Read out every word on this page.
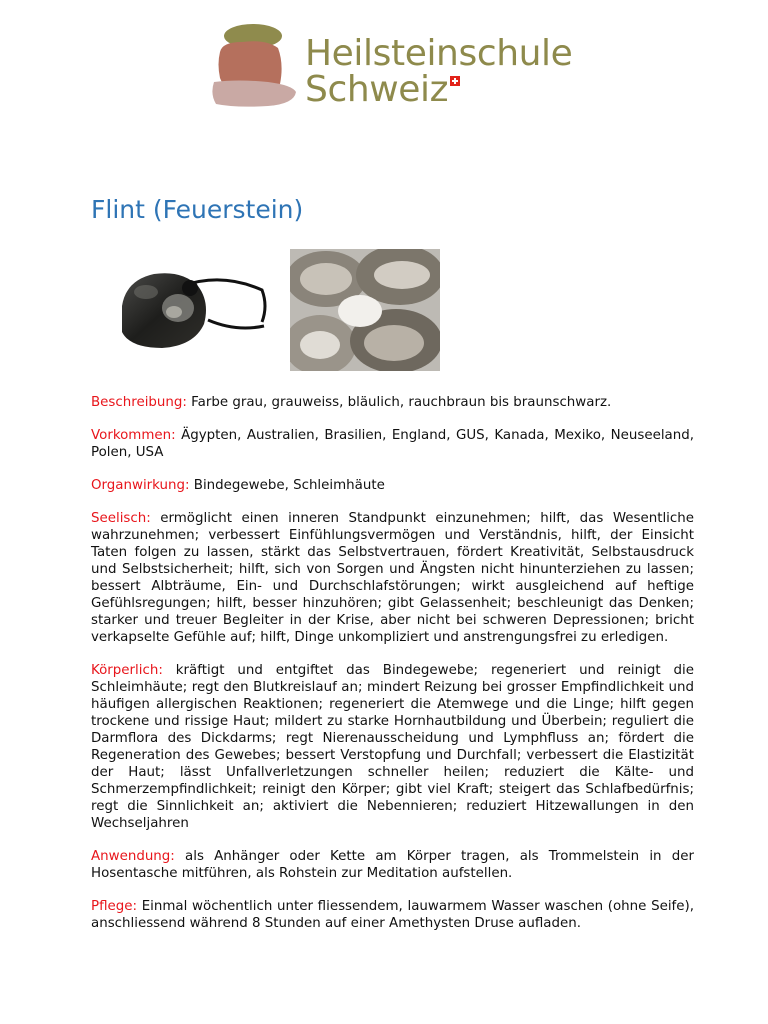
Heilsteinschule
Schweiz
Flint (Feuerstein)

Beschreibung: Farbe grau, grauweiss, bläulich, rauchbraun bis braunschwarz.

Vorkommen: Ägypten, Australien, Brasilien, England, GUS, Kanada, Mexiko, Neuseeland, Polen, USA

Organwirkung: Bindegewebe, Schleimhäute

Seelisch: ermöglicht einen inneren Standpunkt einzunehmen; hilft, das Wesentliche wahrzunehmen; verbessert Einfühlungsvermögen und Verständnis, hilft, der Einsicht Taten folgen zu lassen, stärkt das Selbstvertrauen, fördert Kreativität, Selbstausdruck und Selbstsicherheit; hilft, sich von Sorgen und Ängsten nicht hinunterziehen zu lassen; bessert Albträume, Ein- und Durchschlafstörungen; wirkt ausgleichend auf heftige Gefühlsregungen; hilft, besser hinzuhören; gibt Gelassenheit; beschleunigt das Denken; starker und treuer Begleiter in der Krise, aber nicht bei schweren Depressionen; bricht verkapselte Gefühle auf; hilft, Dinge unkompliziert und anstrengungsfrei zu erledigen.

Körperlich: kräftigt und entgiftet das Bindegewebe; regeneriert und reinigt die Schleimhäute; regt den Blutkreislauf an; mindert Reizung bei grosser Empfindlichkeit und häufigen allergischen Reaktionen; regeneriert die Atemwege und die Linge; hilft gegen trockene und rissige Haut; mildert zu starke Hornhautbildung und Überbein; reguliert die Darmflora des Dickdarms; regt Nierenausscheidung und Lymphfluss an; fördert die Regeneration des Gewebes; bessert Verstopfung und Durchfall; verbessert die Elastizität der Haut; lässt Unfallverletzungen schneller heilen; reduziert die Kälte- und Schmerzempfindlichkeit; reinigt den Körper; gibt viel Kraft; steigert das Schlafbedürfnis; regt die Sinnlichkeit an; aktiviert die Nebennieren; reduziert Hitzewallungen in den Wechseljahren

Anwendung: als Anhänger oder Kette am Körper tragen, als Trommelstein in der Hosentasche mitführen, als Rohstein zur Meditation aufstellen.

Pflege: Einmal wöchentlich unter fliessendem, lauwarmem Wasser waschen (ohne Seife), anschliessend während 8 Stunden auf einer Amethysten Druse aufladen.
